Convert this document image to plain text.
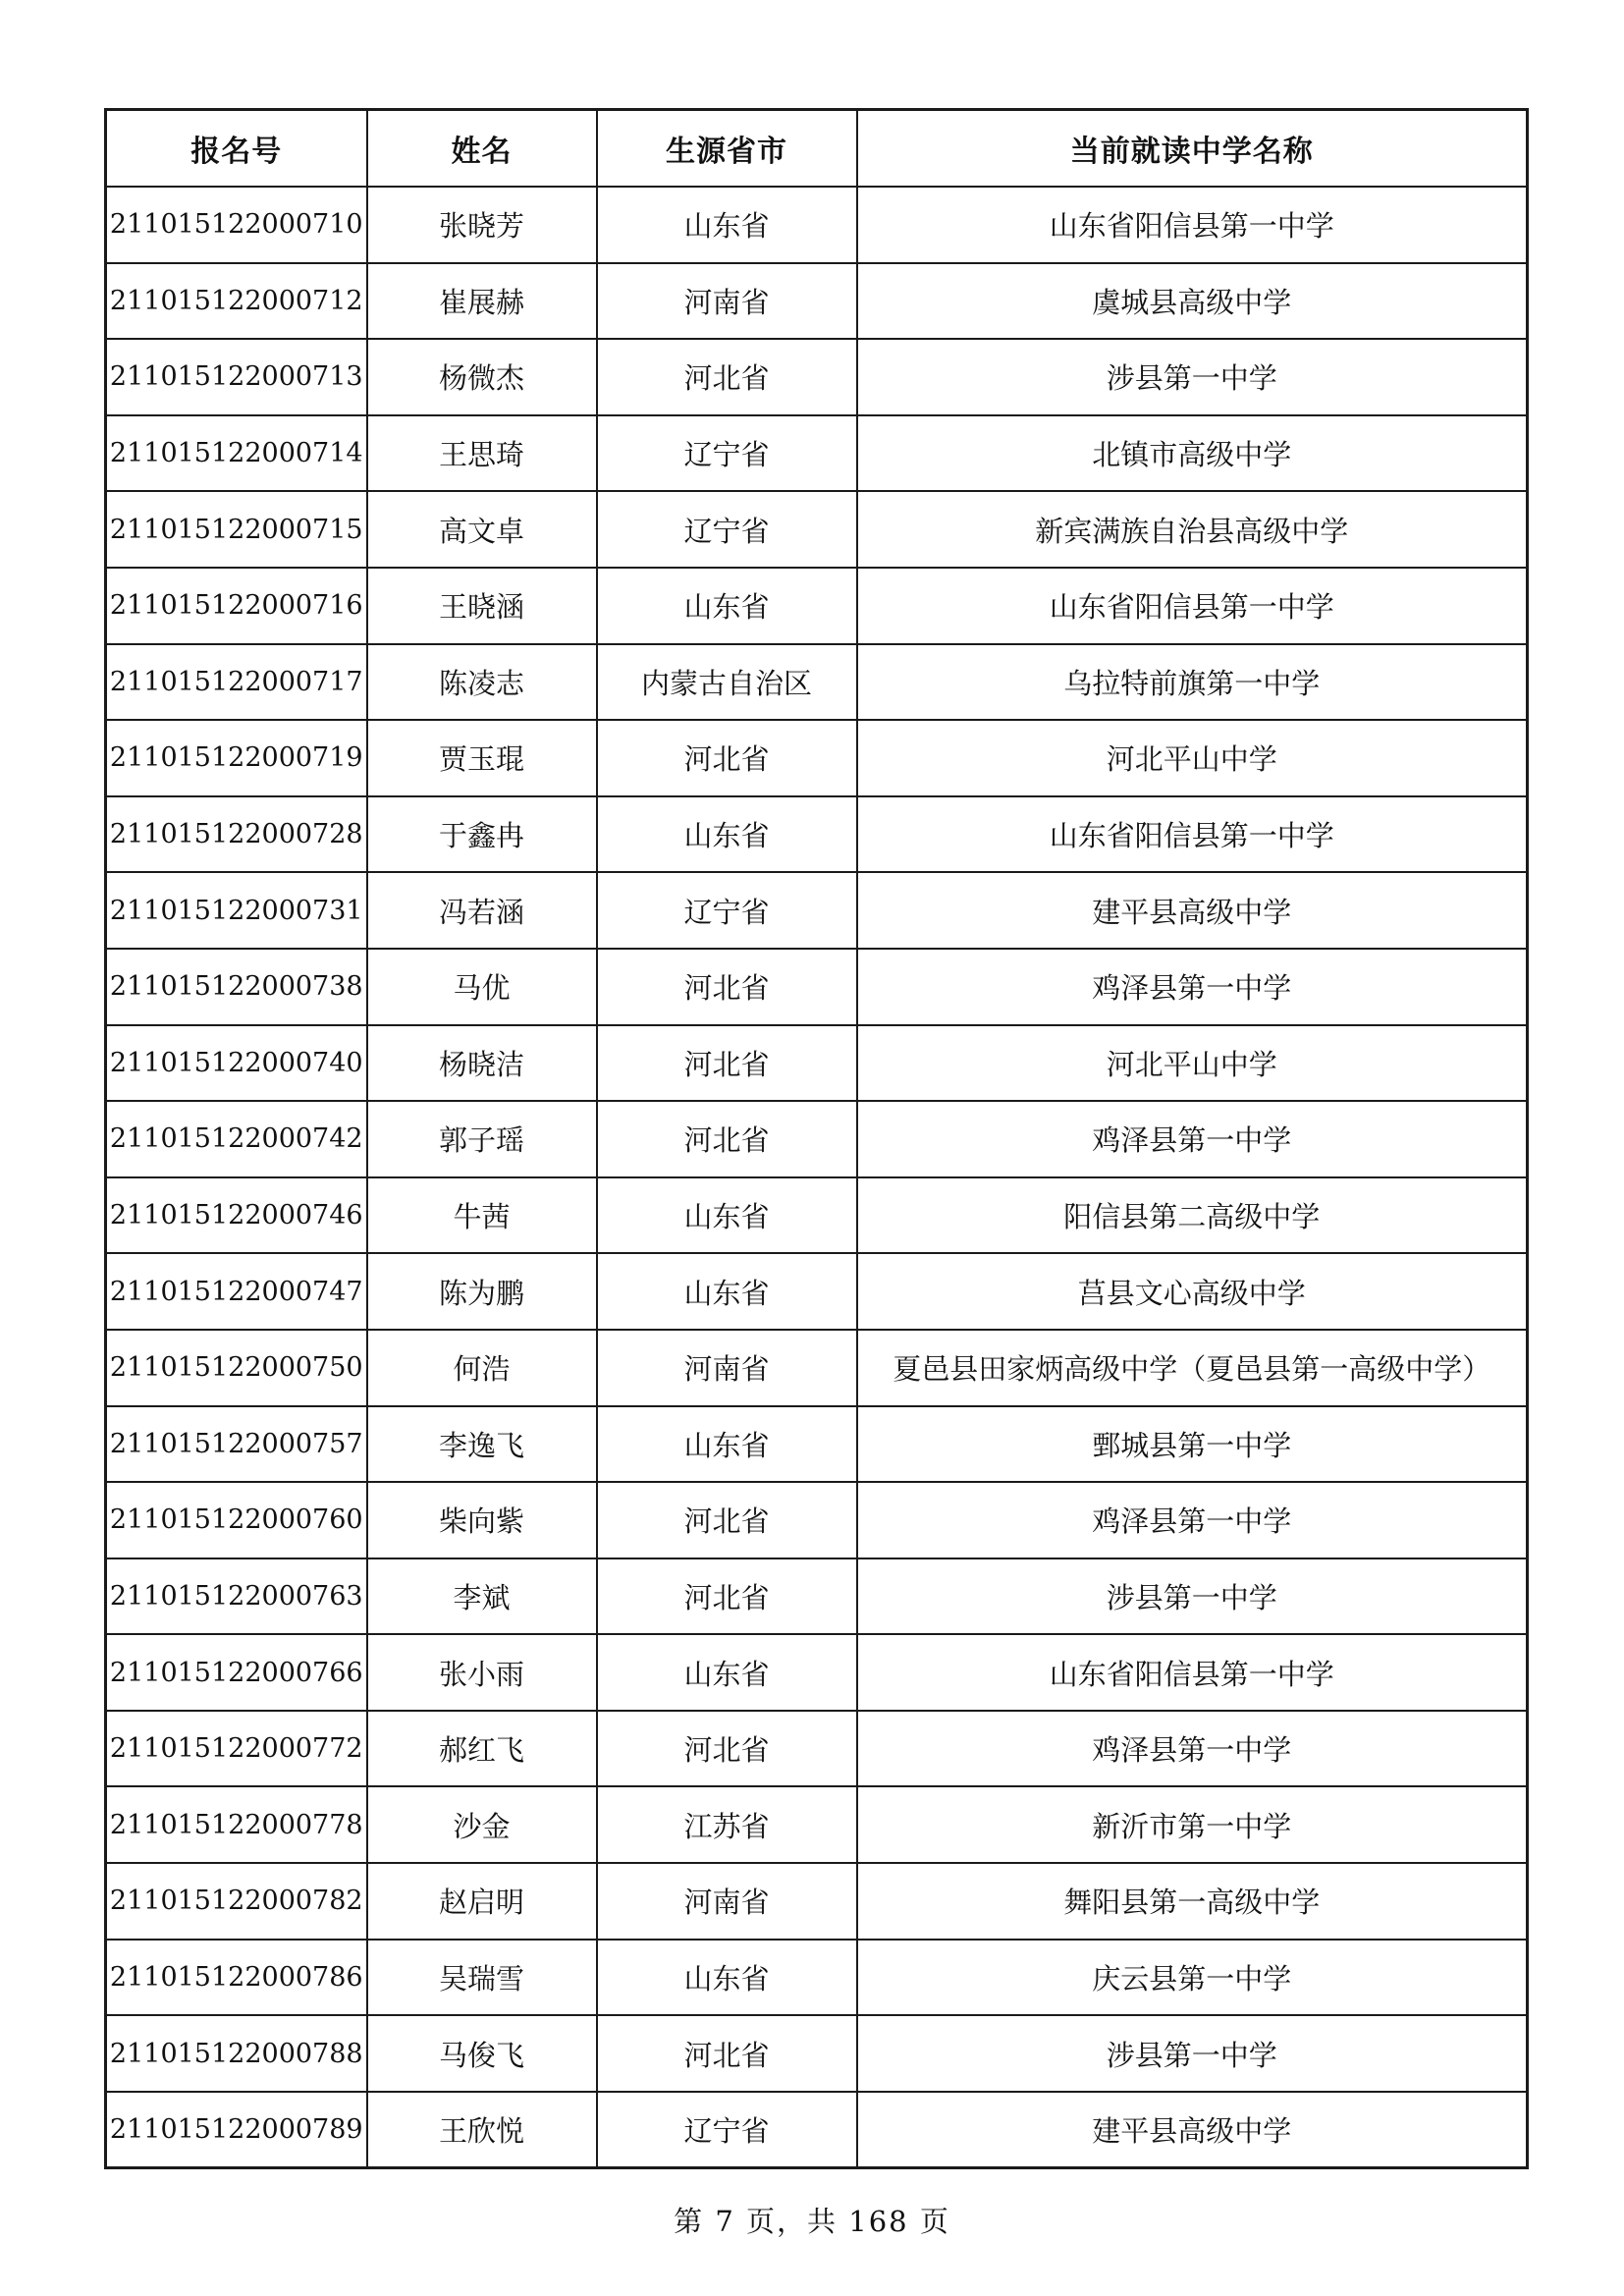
报名号	姓名	生源省市	当前就读中学名称
211015122000710	张晓芳	山东省	山东省阳信县第一中学
211015122000712	崔展赫	河南省	虞城县高级中学
211015122000713	杨微杰	河北省	涉县第一中学
211015122000714	王思琦	辽宁省	北镇市高级中学
211015122000715	高文卓	辽宁省	新宾满族自治县高级中学
211015122000716	王晓涵	山东省	山东省阳信县第一中学
211015122000717	陈凌志	内蒙古自治区	乌拉特前旗第一中学
211015122000719	贾玉琨	河北省	河北平山中学
211015122000728	于鑫冉	山东省	山东省阳信县第一中学
211015122000731	冯若涵	辽宁省	建平县高级中学
211015122000738	马优	河北省	鸡泽县第一中学
211015122000740	杨晓洁	河北省	河北平山中学
211015122000742	郭子瑶	河北省	鸡泽县第一中学
211015122000746	牛茜	山东省	阳信县第二高级中学
211015122000747	陈为鹏	山东省	莒县文心高级中学
211015122000750	何浩	河南省	夏邑县田家炳高级中学（夏邑县第一高级中学）
211015122000757	李逸飞	山东省	鄄城县第一中学
211015122000760	柴向紫	河北省	鸡泽县第一中学
211015122000763	李斌	河北省	涉县第一中学
211015122000766	张小雨	山东省	山东省阳信县第一中学
211015122000772	郝红飞	河北省	鸡泽县第一中学
211015122000778	沙金	江苏省	新沂市第一中学
211015122000782	赵启明	河南省	舞阳县第一高级中学
211015122000786	吴瑞雪	山东省	庆云县第一中学
211015122000788	马俊飞	河北省	涉县第一中学
211015122000789	王欣悦	辽宁省	建平县高级中学
第 7 页，共 168 页
